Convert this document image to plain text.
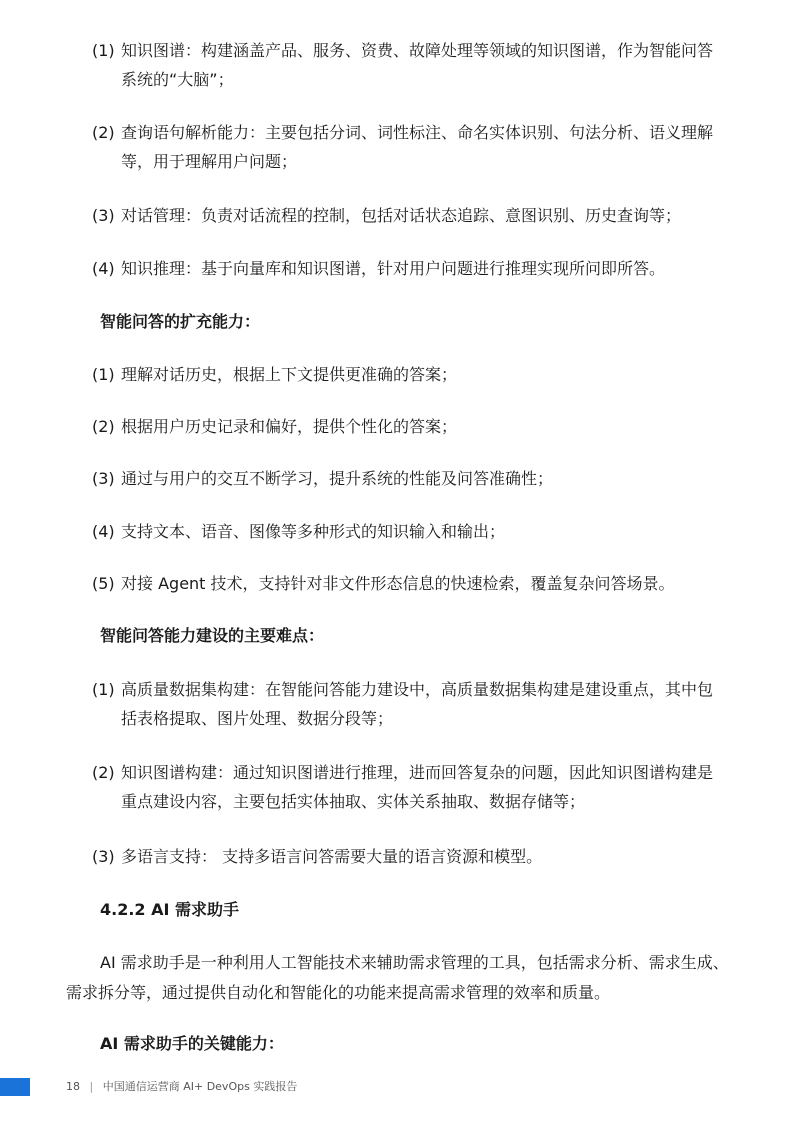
(1) 知识图谱：构建涵盖产品、服务、资费、故障处理等领域的知识图谱，作为智能问答
系统的“大脑”；
(2) 查询语句解析能力：主要包括分词、词性标注、命名实体识别、句法分析、语义理解
等，用于理解用户问题；
(3) 对话管理：负责对话流程的控制，包括对话状态追踪、意图识别、历史查询等；
(4) 知识推理：基于向量库和知识图谱，针对用户问题进行推理实现所问即所答。
智能问答的扩充能力：
(1) 理解对话历史，根据上下文提供更准确的答案；
(2) 根据用户历史记录和偏好，提供个性化的答案；
(3) 通过与用户的交互不断学习，提升系统的性能及问答准确性；
(4) 支持文本、语音、图像等多种形式的知识输入和输出；
(5) 对接 Agent 技术，支持针对非文件形态信息的快速检索，覆盖复杂问答场景。
智能问答能力建设的主要难点：
(1) 高质量数据集构建：在智能问答能力建设中，高质量数据集构建是建设重点，其中包
括表格提取、图片处理、数据分段等；
(2) 知识图谱构建：通过知识图谱进行推理，进而回答复杂的问题，因此知识图谱构建是
重点建设内容，主要包括实体抽取、实体关系抽取、数据存储等；
(3) 多语言支持： 支持多语言问答需要大量的语言资源和模型。
4.2.2 AI 需求助手
AI 需求助手是一种利用人工智能技术来辅助需求管理的工具，包括需求分析、需求生成、
需求拆分等，通过提供自动化和智能化的功能来提高需求管理的效率和质量。
AI 需求助手的关键能力：
18 | 中国通信运营商 AI+ DevOps 实践报告
